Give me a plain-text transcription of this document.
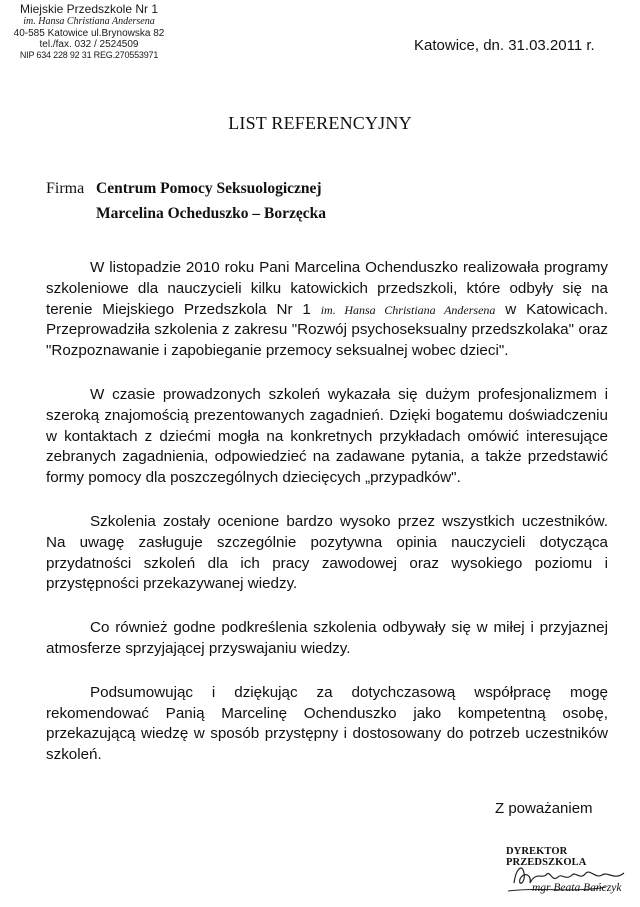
Miejskie Przedszkole Nr 1
im. Hansa Christiana Andersena
40-585 Katowice ul.Brynowska 82
tel./fax. 032 / 2524509
NIP 634 228 92 31 REG.270553971
Katowice, dn. 31.03.2011 r.
LIST REFERENCYJNY
Firma Centrum Pomocy Seksuologicznej
Marcelina Ocheduszko – Borzęcka

W listopadzie 2010 roku Pani Marcelina Ochenduszko realizowała programy szkoleniowe dla nauczycieli kilku katowickich przedszkoli, które odbyły się na terenie Miejskiego Przedszkola Nr 1 im. Hansa Christiana Andersena w Katowicach. Przeprowadziła szkolenia z zakresu "Rozwój psychoseksualny przedszkolaka" oraz "Rozpoznawanie i zapobieganie przemocy seksualnej wobec dzieci".

W czasie prowadzonych szkoleń wykazała się dużym profesjonalizmem i szeroką znajomością prezentowanych zagadnień. Dzięki bogatemu doświadczeniu w kontaktach z dziećmi mogła na konkretnych przykładach omówić interesujące zebranych zagadnienia, odpowiedzieć na zadawane pytania, a także przedstawić formy pomocy dla poszczególnych dziecięcych „przypadków".

Szkolenia zostały ocenione bardzo wysoko przez wszystkich uczestników. Na uwagę zasługuje szczególnie pozytywna opinia nauczycieli dotycząca przydatności szkoleń dla ich pracy zawodowej oraz wysokiego poziomu i przystępności przekazywanej wiedzy.

Co również godne podkreślenia szkolenia odbywały się w miłej i przyjaznej atmosferze sprzyjającej przyswajaniu wiedzy.

Podsumowując i dziękując za dotychczasową współpracę mogę rekomendować Panią Marcelinę Ochenduszko jako kompetentną osobę, przekazującą wiedzę w sposób przystępny i dostosowany do potrzeb uczestników szkoleń.

Z poważaniem
DYREKTOR PRZEDSZKOLA
mgr Beata Bańczyk
